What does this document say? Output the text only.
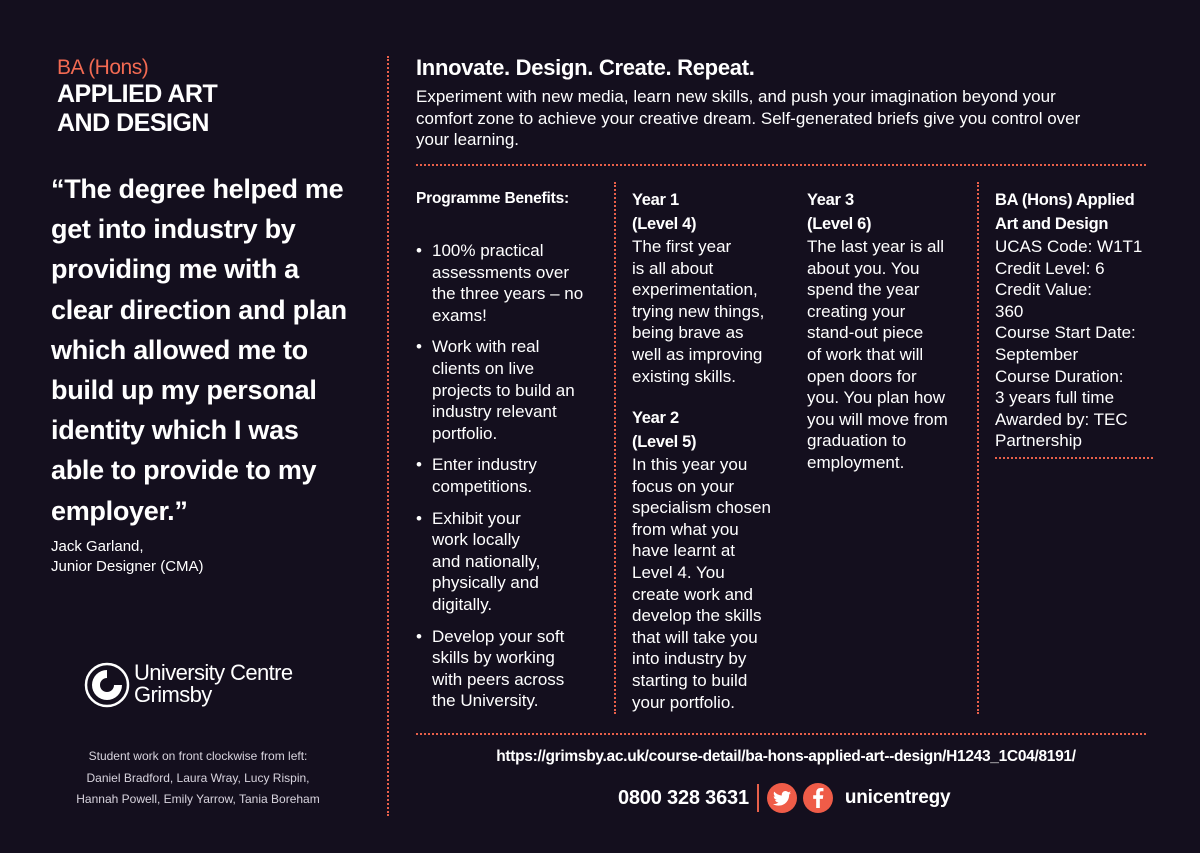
BA (Hons)
APPLIED ART
AND DESIGN
“The degree helped me
get into industry by
providing me with a
clear direction and plan
which allowed me to
build up my personal
identity which I was
able to provide to my
employer.”
Jack Garland,
Junior Designer (CMA)
University Centre
Grimsby
Student work on front clockwise from left:
Daniel Bradford, Laura Wray, Lucy Rispin,
Hannah Powell, Emily Yarrow, Tania Boreham
Innovate. Design. Create. Repeat.
Experiment with new media, learn new skills, and push your imagination beyond your
comfort zone to achieve your creative dream. Self-generated briefs give you control over
your learning.
Programme Benefits:
• 100% practical
assessments over
the three years – no
exams!
• Work with real
clients on live
projects to build an
industry relevant
portfolio.
• Enter industry
competitions.
• Exhibit your
work locally
and nationally,
physically and
digitally.
• Develop your soft
skills by working
with peers across
the University.
Year 1
(Level 4)
The first year
is all about
experimentation,
trying new things,
being brave as
well as improving
existing skills.
Year 2
(Level 5)
In this year you
focus on your
specialism chosen
from what you
have learnt at
Level 4. You
create work and
develop the skills
that will take you
into industry by
starting to build
your portfolio.
Year 3
(Level 6)
The last year is all
about you. You
spend the year
creating your
stand-out piece
of work that will
open doors for
you. You plan how
you will move from
graduation to
employment.
BA (Hons) Applied
Art and Design
UCAS Code: W1T1
Credit Level: 6
Credit Value:
360
Course Start Date:
September
Course Duration:
3 years full time
Awarded by: TEC
Partnership
https://grimsby.ac.uk/course-detail/ba-hons-applied-art--design/H1243_1C04/8191/
0800 328 3631	unicentregy
